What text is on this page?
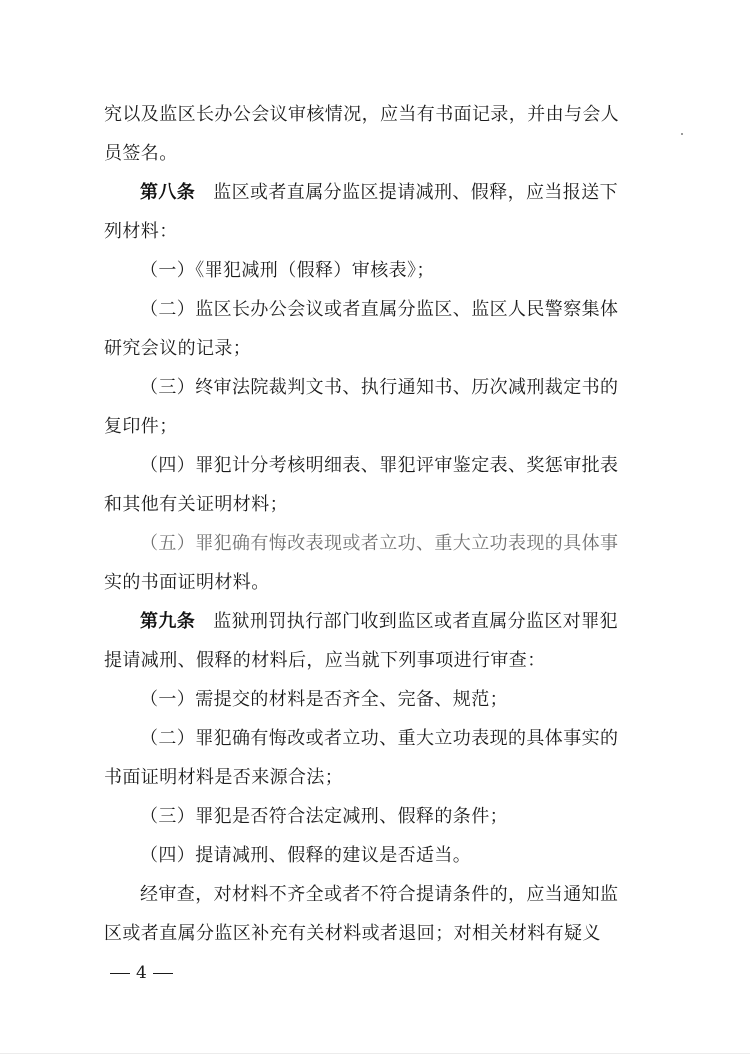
究以及监区长办公会议审核情况，应当有书面记录，并由与会人
员签名。
第八条 监区或者直属分监区提请减刑、假释，应当报送下
列材料：
（一）《罪犯减刑（假释）审核表》；
（二）监区长办公会议或者直属分监区、监区人民警察集体
研究会议的记录；
（三）终审法院裁判文书、执行通知书、历次减刑裁定书的
复印件；
（四）罪犯计分考核明细表、罪犯评审鉴定表、奖惩审批表
和其他有关证明材料；
（五）罪犯确有悔改表现或者立功、重大立功表现的具体事
实的书面证明材料。
第九条 监狱刑罚执行部门收到监区或者直属分监区对罪犯
提请减刑、假释的材料后，应当就下列事项进行审查：
（一）需提交的材料是否齐全、完备、规范；
（二）罪犯确有悔改或者立功、重大立功表现的具体事实的
书面证明材料是否来源合法；
（三）罪犯是否符合法定减刑、假释的条件；
（四）提请减刑、假释的建议是否适当。
经审查，对材料不齐全或者不符合提请条件的，应当通知监
区或者直属分监区补充有关材料或者退回；对相关材料有疑义
4
